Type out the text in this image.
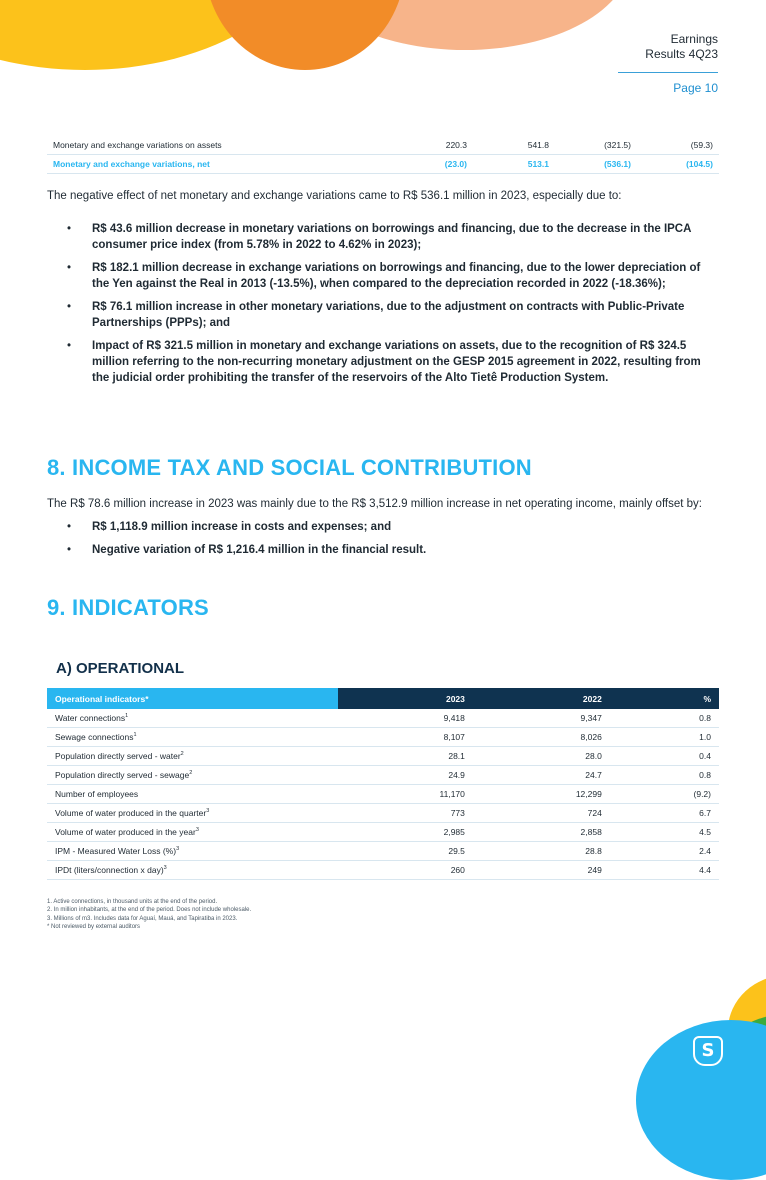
S
Earnings
Results 4Q23
Page 10
Monetary and exchange variations on assets	220.3	541.8	(321.5)	(59.3)
Monetary and exchange variations, net	(23.0)	513.1	(536.1)	(104.5)

The negative effect of net monetary and exchange variations came to R$ 536.1 million in 2023, especially due to:

• R$ 43.6 million decrease in monetary variations on borrowings and financing, due to the decrease in the IPCA consumer price index (from 5.78% in 2022 to 4.62% in 2023);
• R$ 182.1 million decrease in exchange variations on borrowings and financing, due to the lower depreciation of the Yen against the Real in 2013 (-13.5%), when compared to the depreciation recorded in 2022 (-18.36%);
• R$ 76.1 million increase in other monetary variations, due to the adjustment on contracts with Public-Private Partnerships (PPPs); and
• Impact of R$ 321.5 million in monetary and exchange variations on assets, due to the recognition of R$ 324.5 million referring to the non-recurring monetary adjustment on the GESP 2015 agreement in 2022, resulting from the judicial order prohibiting the transfer of the reservoirs of the Alto Tietê Production System.
8. INCOME TAX AND SOCIAL CONTRIBUTION

The R$ 78.6 million increase in 2023 was mainly due to the R$ 3,512.9 million increase in net operating income, mainly offset by:

• R$ 1,118.9 million increase in costs and expenses; and
• Negative variation of R$ 1,216.4 million in the financial result.
9. INDICATORS
A) OPERATIONAL
Operational indicators*	2023	2022	%
Water connections$^1$	9,418	9,347	0.8
Sewage connections$^1$	8,107	8,026	1.0
Population directly served - water$^2$	28.1	28.0	0.4
Population directly served - sewage$^2$	24.9	24.7	0.8
Number of employees	11,170	12,299	(9.2)
Volume of water produced in the quarter$^3$	773	724	6.7
Volume of water produced in the year$^3$	2,985	2,858	4.5
IPM - Measured Water Loss (%)$^3$	29.5	28.8	2.4
IPDt (liters/connection x day)$^3$	260	249	4.4
1. Active connections, in thousand units at the end of the period.
2. In million inhabitants, at the end of the period. Does not include wholesale.
3. Millions of m3. Includes data for Aguaí, Mauá, and Tapiratiba in 2023.
* Not reviewed by external auditors
